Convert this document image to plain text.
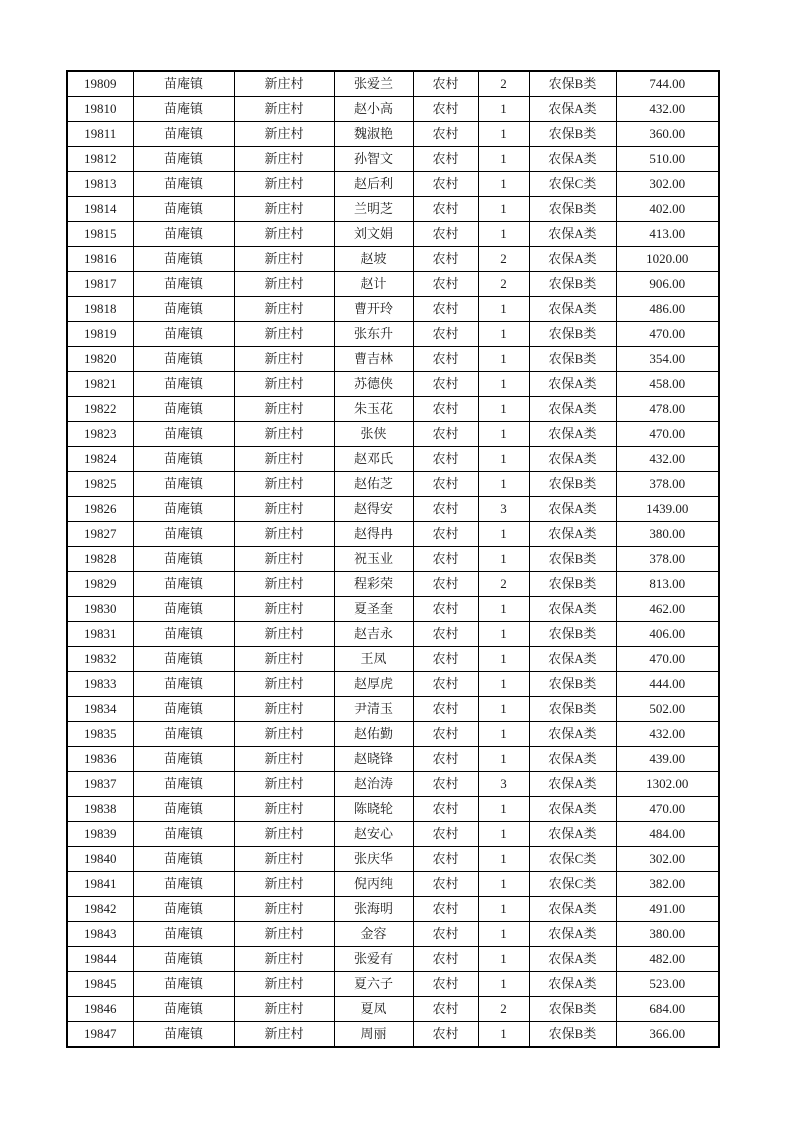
19809	苗庵镇	新庄村	张爱兰	农村	2	农保B类	744.00
19810	苗庵镇	新庄村	赵小高	农村	1	农保A类	432.00
19811	苗庵镇	新庄村	魏淑艳	农村	1	农保B类	360.00
19812	苗庵镇	新庄村	孙智文	农村	1	农保A类	510.00
19813	苗庵镇	新庄村	赵后利	农村	1	农保C类	302.00
19814	苗庵镇	新庄村	兰明芝	农村	1	农保B类	402.00
19815	苗庵镇	新庄村	刘文娟	农村	1	农保A类	413.00
19816	苗庵镇	新庄村	赵坡	农村	2	农保A类	1020.00
19817	苗庵镇	新庄村	赵计	农村	2	农保B类	906.00
19818	苗庵镇	新庄村	曹开玲	农村	1	农保A类	486.00
19819	苗庵镇	新庄村	张东升	农村	1	农保B类	470.00
19820	苗庵镇	新庄村	曹吉林	农村	1	农保B类	354.00
19821	苗庵镇	新庄村	苏德侠	农村	1	农保A类	458.00
19822	苗庵镇	新庄村	朱玉花	农村	1	农保A类	478.00
19823	苗庵镇	新庄村	张侠	农村	1	农保A类	470.00
19824	苗庵镇	新庄村	赵邓氏	农村	1	农保A类	432.00
19825	苗庵镇	新庄村	赵佑芝	农村	1	农保B类	378.00
19826	苗庵镇	新庄村	赵得安	农村	3	农保A类	1439.00
19827	苗庵镇	新庄村	赵得冉	农村	1	农保A类	380.00
19828	苗庵镇	新庄村	祝玉业	农村	1	农保B类	378.00
19829	苗庵镇	新庄村	程彩荣	农村	2	农保B类	813.00
19830	苗庵镇	新庄村	夏圣奎	农村	1	农保A类	462.00
19831	苗庵镇	新庄村	赵吉永	农村	1	农保B类	406.00
19832	苗庵镇	新庄村	王凤	农村	1	农保A类	470.00
19833	苗庵镇	新庄村	赵厚虎	农村	1	农保B类	444.00
19834	苗庵镇	新庄村	尹清玉	农村	1	农保B类	502.00
19835	苗庵镇	新庄村	赵佑勤	农村	1	农保A类	432.00
19836	苗庵镇	新庄村	赵晓锋	农村	1	农保A类	439.00
19837	苗庵镇	新庄村	赵治涛	农村	3	农保A类	1302.00
19838	苗庵镇	新庄村	陈晓轮	农村	1	农保A类	470.00
19839	苗庵镇	新庄村	赵安心	农村	1	农保A类	484.00
19840	苗庵镇	新庄村	张庆华	农村	1	农保C类	302.00
19841	苗庵镇	新庄村	倪丙纯	农村	1	农保C类	382.00
19842	苗庵镇	新庄村	张海明	农村	1	农保A类	491.00
19843	苗庵镇	新庄村	金容	农村	1	农保A类	380.00
19844	苗庵镇	新庄村	张爱有	农村	1	农保A类	482.00
19845	苗庵镇	新庄村	夏六子	农村	1	农保A类	523.00
19846	苗庵镇	新庄村	夏凤	农村	2	农保B类	684.00
19847	苗庵镇	新庄村	周丽	农村	1	农保B类	366.00
